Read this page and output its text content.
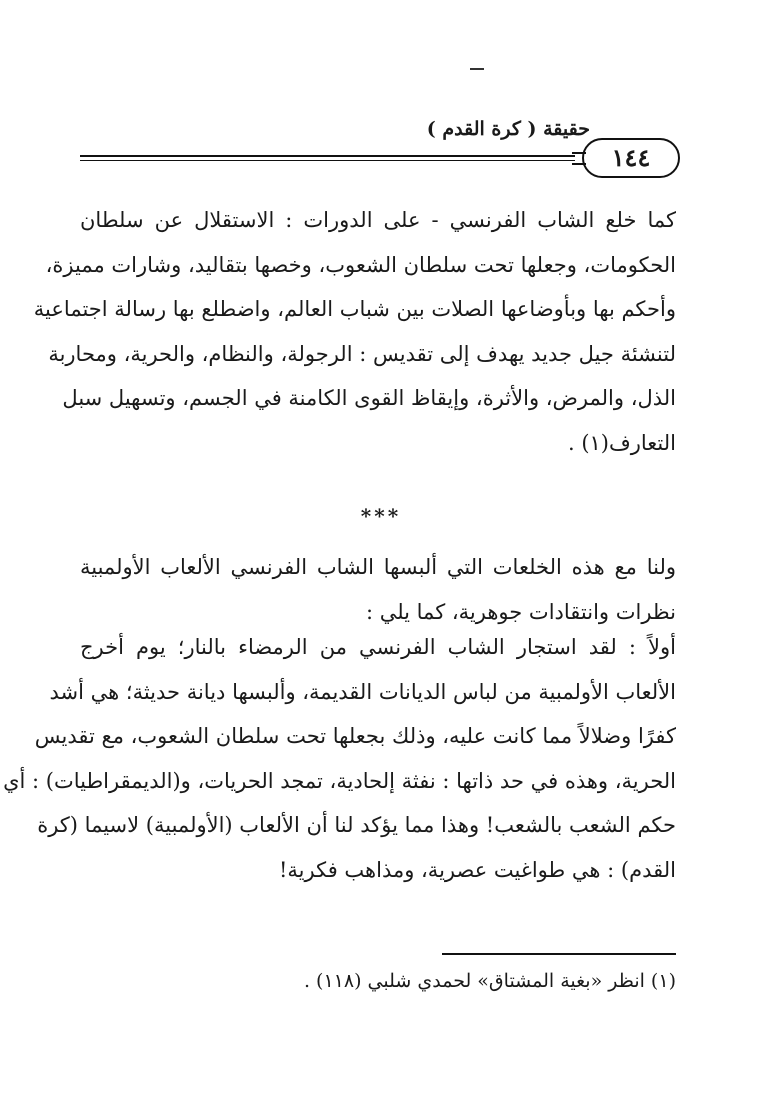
حقيقة ( كرة القدم )
١٤٤
كما خلع الشاب الفرنسي - على الدورات : الاستقلال عن سلطان
الحكومات، وجعلها تحت سلطان الشعوب، وخصها بتقاليد، وشارات مميزة،
وأحكم بها وبأوضاعها الصلات بين شباب العالم، واضطلع بها رسالة اجتماعية
لتنشئة جيل جديد يهدف إلى تقديس : الرجولة، والنظام، والحرية، ومحاربة
الذل، والمرض، والأثرة، وإيقاظ القوى الكامنة في الجسم، وتسهيل سبل
التعارف(١) .
***
ولنا مع هذه الخلعات التي ألبسها الشاب الفرنسي الألعاب الأولمبية
نظرات وانتقادات جوهرية، كما يلي :
أولاً : لقد استجار الشاب الفرنسي من الرمضاء بالنار؛ يوم أخرج
الألعاب الأولمبية من لباس الديانات القديمة، وألبسها ديانة حديثة؛ هي أشد
كفرًا وضلالاً مما كانت عليه، وذلك بجعلها تحت سلطان الشعوب، مع تقديس
الحرية، وهذه في حد ذاتها : نفثة إلحادية، تمجد الحريات، و(الديمقراطيات) : أي
حكم الشعب بالشعب! وهذا مما يؤكد لنا أن الألعاب (الأولمبية) لاسيما (كرة
القدم) : هي طواغيت عصرية، ومذاهب فكرية!
(١) انظر «بغية المشتاق» لحمدي شلبي (١١٨) .
